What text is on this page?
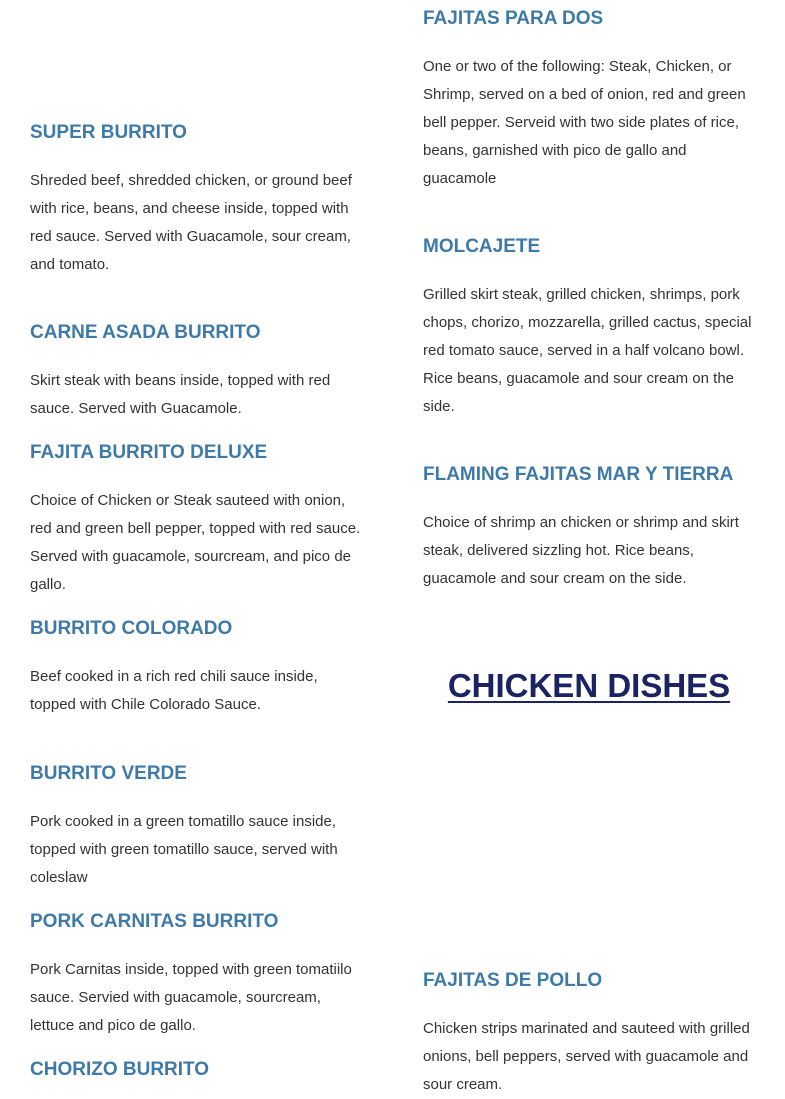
SUPER BURRITO

Shreded beef, shredded chicken, or ground beef with rice, beans, and cheese inside, topped with red sauce. Served with Guacamole, sour cream, and tomato.

CARNE ASADA BURRITO

Skirt steak with beans inside, topped with red sauce. Served with Guacamole.

FAJITA BURRITO DELUXE

Choice of Chicken or Steak sauteed with onion, red and green bell pepper, topped with red sauce. Served with guacamole, sourcream, and pico de gallo.

BURRITO COLORADO

Beef cooked in a rich red chili sauce inside, topped with Chile Colorado Sauce.

BURRITO VERDE

Pork cooked in a green tomatillo sauce inside, topped with green tomatillo sauce, served with coleslaw

PORK CARNITAS BURRITO

Pork Carnitas inside, topped with green tomatiilo sauce. Servied with guacamole, sourcream, lettuce and pico de gallo.

CHORIZO BURRITO
FAJITAS PARA DOS

One or two of the following: Steak, Chicken, or Shrimp, served on a bed of onion, red and green bell pepper. Serveid with two side plates of rice, beans, garnished with pico de gallo and guacamole

MOLCAJETE

Grilled skirt steak, grilled chicken, shrimps, pork chops, chorizo, mozzarella, grilled cactus, special red tomato sauce, served in a half volcano bowl. Rice beans, guacamole and sour cream on the side.

FLAMING FAJITAS MAR Y TIERRA

Choice of shrimp an chicken or shrimp and skirt steak, delivered sizzling hot. Rice beans, guacamole and sour cream on the side.

CHICKEN DISHES
FAJITAS DE POLLO

Chicken strips marinated and sauteed with grilled onions, bell peppers, served with guacamole and sour cream.
